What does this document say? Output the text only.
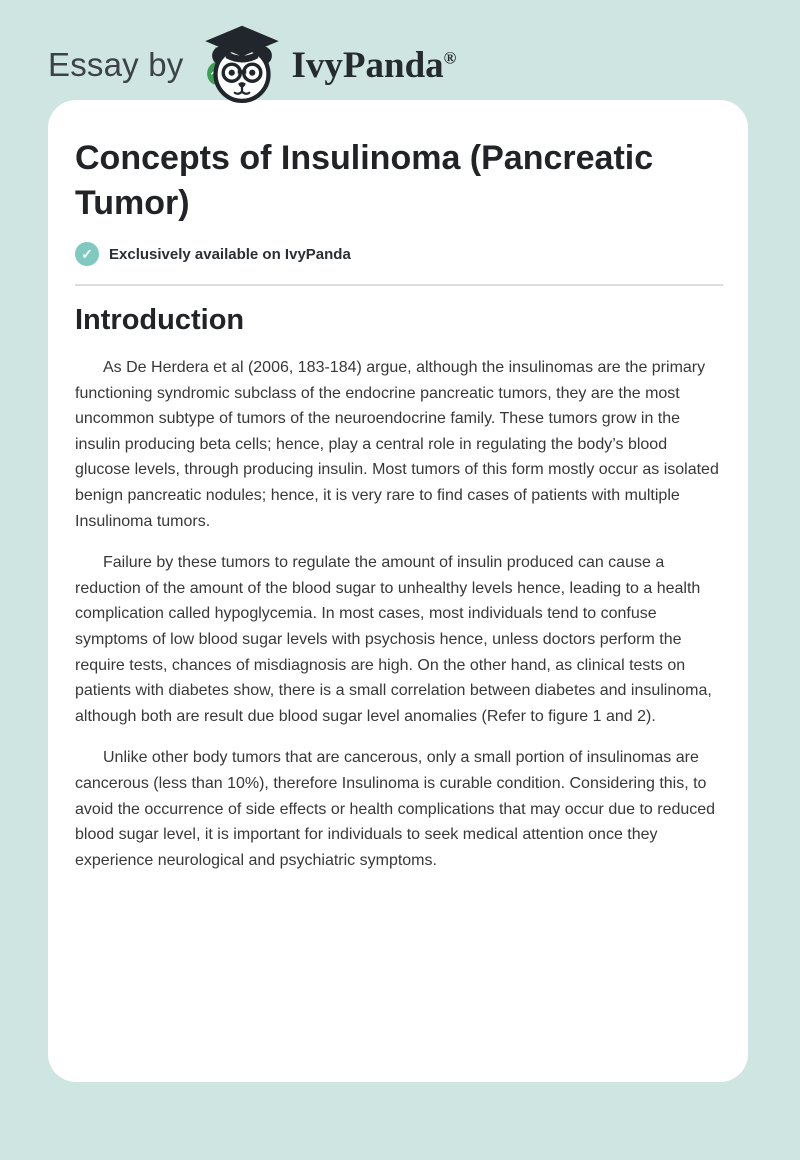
Essay by	IvyPanda®
Concepts of Insulinoma (Pancreatic Tumor)
✓	Exclusively available on IvyPanda
Introduction

As De Herdera et al (2006, 183-184) argue, although the insulinomas are the primary functioning syndromic subclass of the endocrine pancreatic tumors, they are the most uncommon subtype of tumors of the neuroendocrine family. These tumors grow in the insulin producing beta cells; hence, play a central role in regulating the body’s blood glucose levels, through producing insulin. Most tumors of this form mostly occur as isolated benign pancreatic nodules; hence, it is very rare to find cases of patients with multiple Insulinoma tumors.

Failure by these tumors to regulate the amount of insulin produced can cause a reduction of the amount of the blood sugar to unhealthy levels hence, leading to a health complication called hypoglycemia. In most cases, most individuals tend to confuse symptoms of low blood sugar levels with psychosis hence, unless doctors perform the require tests, chances of misdiagnosis are high. On the other hand, as clinical tests on patients with diabetes show, there is a small correlation between diabetes and insulinoma, although both are result due blood sugar level anomalies (Refer to figure 1 and 2).

Unlike other body tumors that are cancerous, only a small portion of insulinomas are cancerous (less than 10%), therefore Insulinoma is curable condition. Considering this, to avoid the occurrence of side effects or health complications that may occur due to reduced blood sugar level, it is important for individuals to seek medical attention once they experience neurological and psychiatric symptoms.
